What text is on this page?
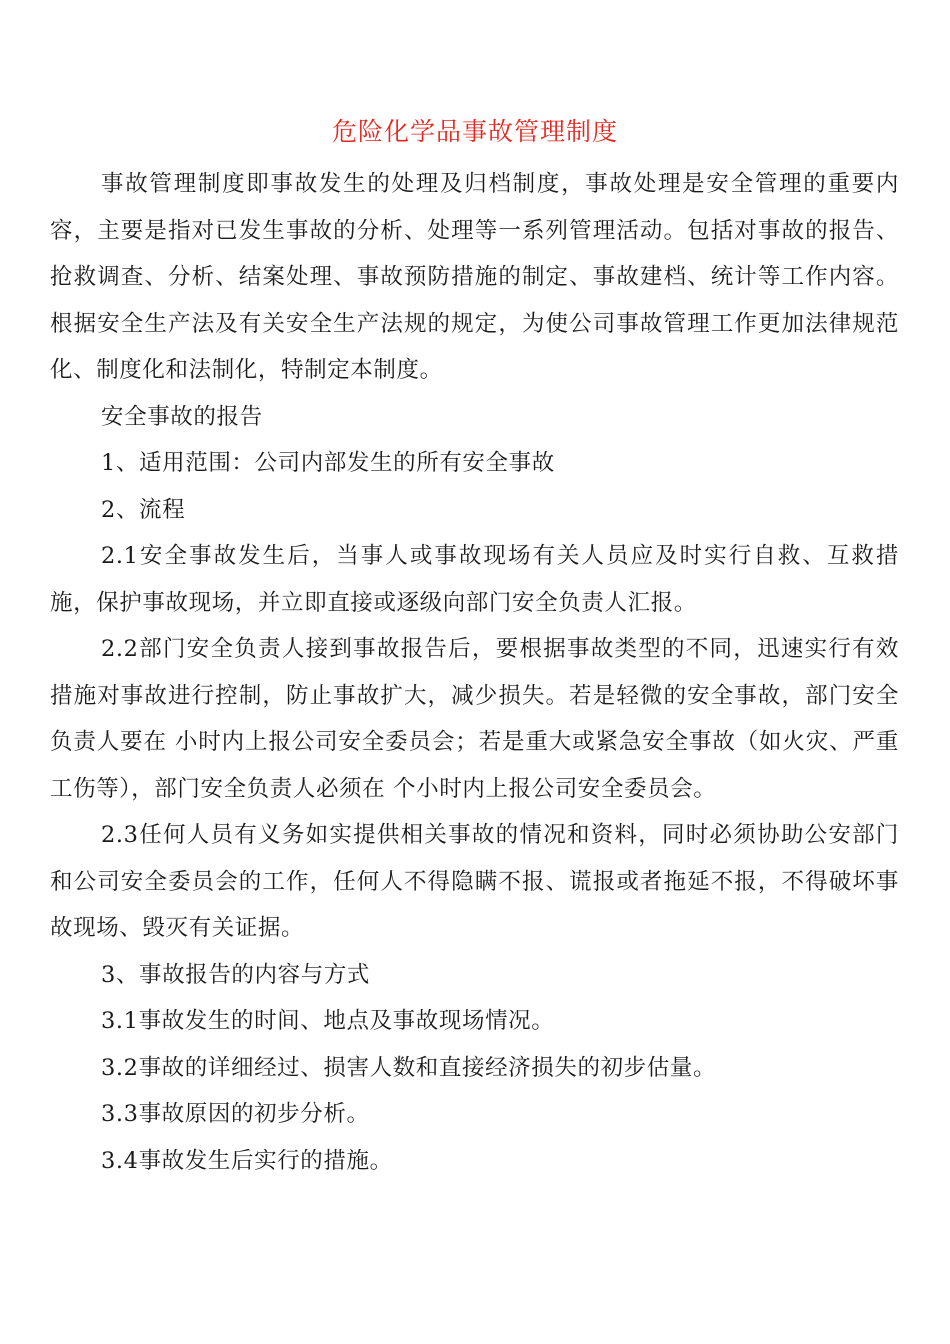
危险化学品事故管理制度

事故管理制度即事故发生的处理及归档制度，事故处理是安全管理的重要内容，主要是指对已发生事故的分析、处理等一系列管理活动。包括对事故的报告、抢救调查、分析、结案处理、事故预防措施的制定、事故建档、统计等工作内容。根据安全生产法及有关安全生产法规的规定，为使公司事故管理工作更加法律规范化、制度化和法制化，特制定本制度。

安全事故的报告

1、适用范围：公司内部发生的所有安全事故

2、流程

2.1安全事故发生后，当事人或事故现场有关人员应及时实行自救、互救措施，保护事故现场，并立即直接或逐级向部门安全负责人汇报。

2.2部门安全负责人接到事故报告后，要根据事故类型的不同，迅速实行有效措施对事故进行控制，防止事故扩大，减少损失。若是轻微的安全事故，部门安全负责人要在 小时内上报公司安全委员会；若是重大或紧急安全事故（如火灾、严重工伤等），部门安全负责人必须在 个小时内上报公司安全委员会。

2.3任何人员有义务如实提供相关事故的情况和资料，同时必须协助公安部门和公司安全委员会的工作，任何人不得隐瞒不报、谎报或者拖延不报，不得破坏事故现场、毁灭有关证据。

3、事故报告的内容与方式

3.1事故发生的时间、地点及事故现场情况。

3.2事故的详细经过、损害人数和直接经济损失的初步估量。

3.3事故原因的初步分析。

3.4事故发生后实行的措施。
